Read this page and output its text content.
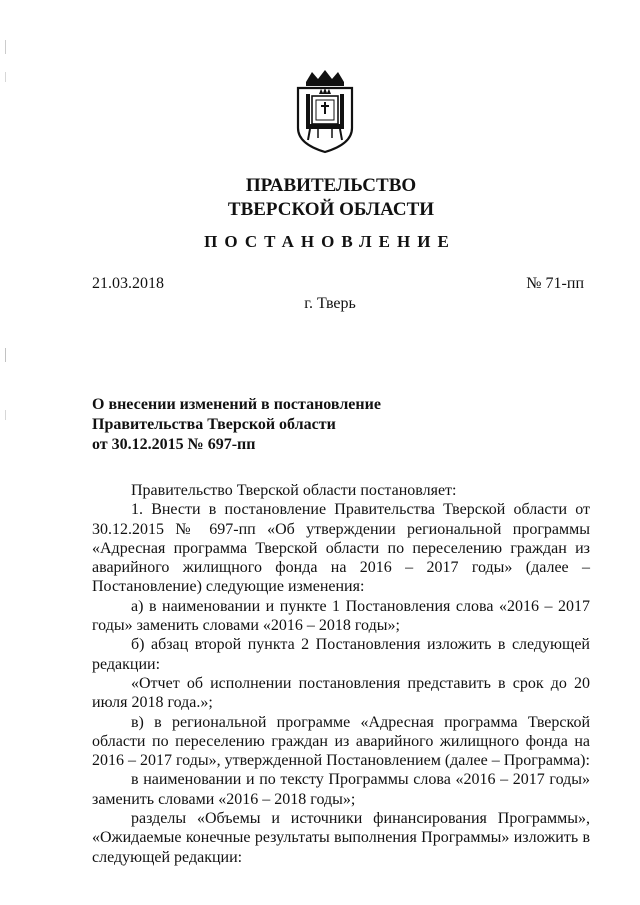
ПРАВИТЕЛЬСТВО
ТВЕРСКОЙ ОБЛАСТИ
ПОСТАНОВЛЕНИЕ
21.03.2018	№ 71-пп
г. Тверь
О внесении изменений в постановление
Правительства Тверской области
от 30.12.2015 № 697-пп

Правительство Тверской области постановляет:

1. Внести в постановление Правительства Тверской области от 30.12.2015 № 697-пп «Об утверждении региональной программы «Адресная программа Тверской области по переселению граждан из аварийного жилищного фонда на 2016 – 2017 годы» (далее – Постановление) следующие изменения:

а) в наименовании и пункте 1 Постановления слова «2016 – 2017 годы» заменить словами «2016 – 2018 годы»;

б) абзац второй пункта 2 Постановления изложить в следующей редакции:

«Отчет об исполнении постановления представить в срок до 20 июля 2018 года.»;

в) в региональной программе «Адресная программа Тверской области по переселению граждан из аварийного жилищного фонда на 2016 – 2017 годы», утвержденной Постановлением (далее – Программа):

в наименовании и по тексту Программы слова «2016 – 2017 годы» заменить словами «2016 – 2018 годы»;

разделы «Объемы и источники финансирования Программы», «Ожидаемые конечные результаты выполнения Программы» изложить в следующей редакции:
